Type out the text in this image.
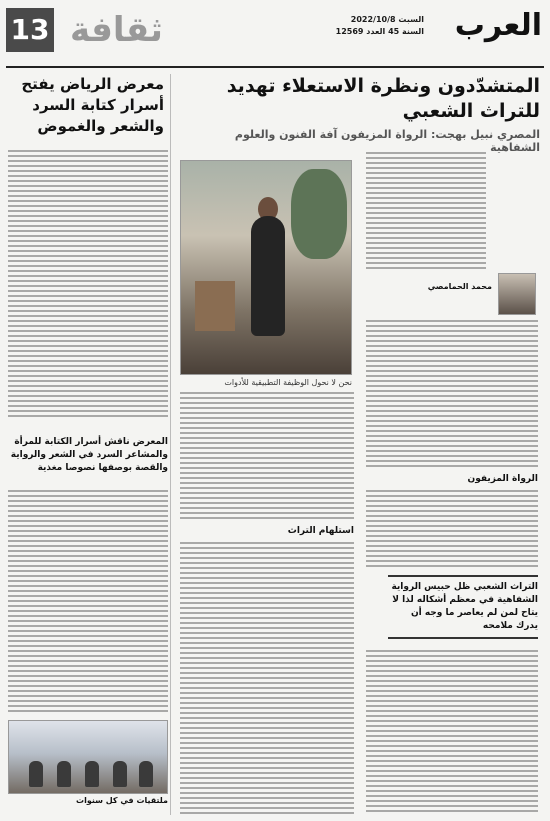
العرب
السبت 2022/10/8
السنة 45 العدد 12569
ثقافة
13
المتشدّدون ونظرة الاستعلاء تهديد للتراث الشعبي
المصري نبيل بهجت: الرواة المزيفون آفة الفنون والعلوم الشفاهية
محمد الحمامصي
الرواة المزيفون
التراث الشعبي ظل حبيس الرواية الشفاهية في معظم أشكاله لذا لا يتاح لمن لم يعاصر ما وجه أن يدرك ملامحه
نحن لا نحول الوظيفة التطبيقية للأدوات
استلهام التراث
معرض الرياض يفتح أسرار كتابة السرد والشعر والغموض
المعرض ناقش أسرار الكتابة للمرأة والمشاعر السرد في الشعر والرواية والقصة بوصفها نصوصا مغذية
ملتقيات في كل سنوات
